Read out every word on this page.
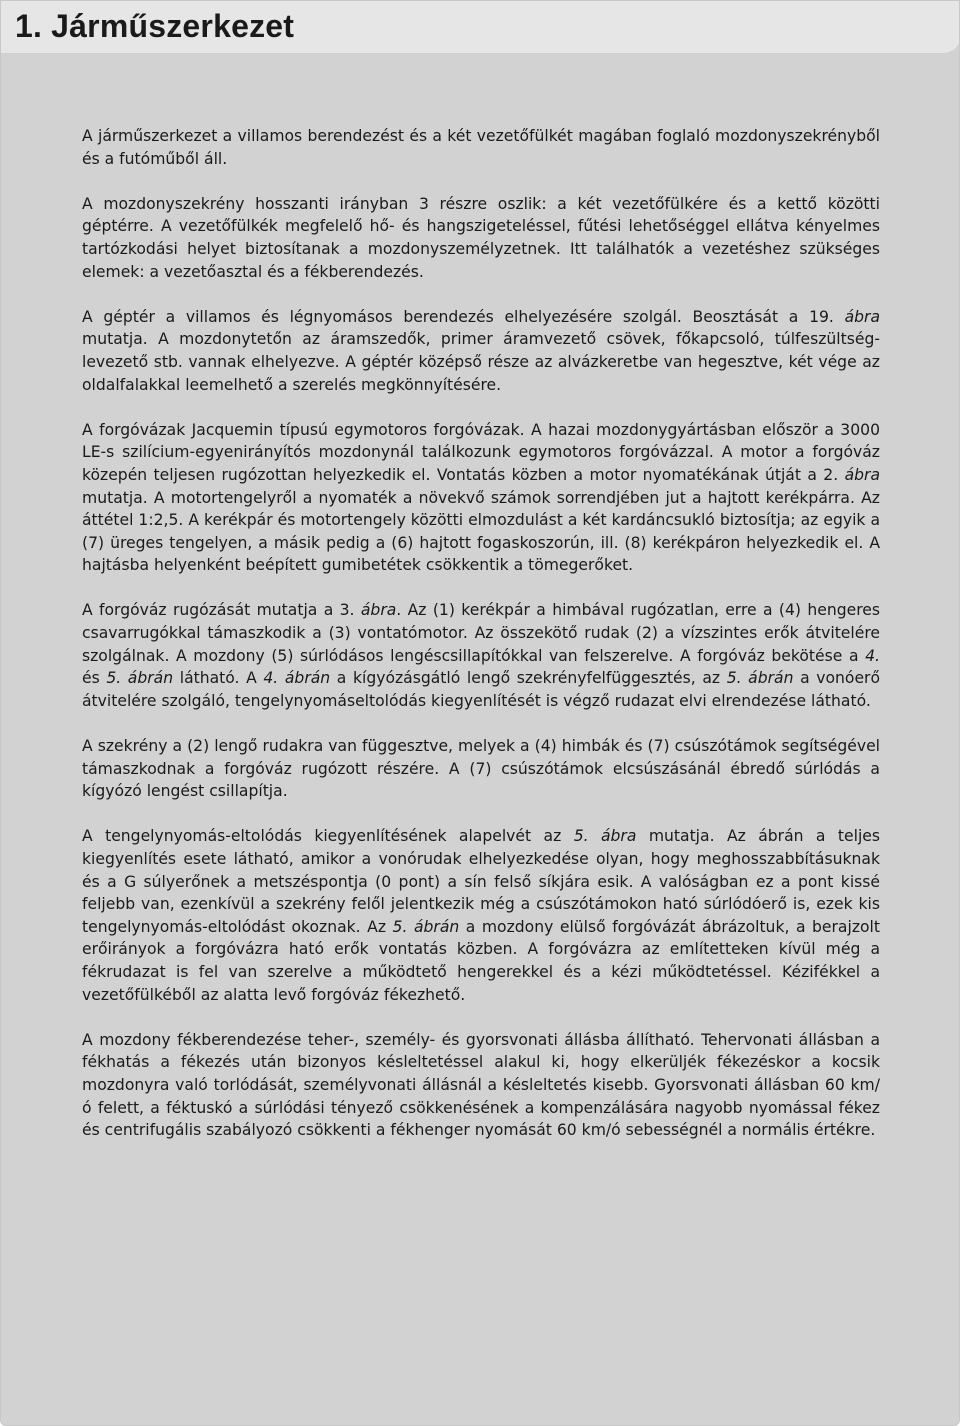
1. Járműszerkezet

A járműszerkezet a villamos berendezést és a két vezetőfülkét magában foglaló mozdonyszekrényből és a futóműből áll.

A mozdonyszekrény hosszanti irányban 3 részre oszlik: a két vezetőfülkére és a kettő közötti géptérre. A vezetőfülkék megfelelő hő- és hangszigeteléssel, fűtési lehetőséggel ellátva kényelmes tartózkodási helyet biztosítanak a mozdonyszemélyzetnek. Itt találhatók a vezetéshez szükséges elemek: a vezetőasztal és a fékberendezés.

A géptér a villamos és légnyomásos berendezés elhelyezésére szolgál. Beosztását a 19. ábra mutatja. A mozdonytetőn az áramszedők, primer áramvezető csövek, főkapcsoló, túlfeszültség-levezető stb. vannak elhelyezve. A géptér középső része az alvázkeretbe van hegesztve, két vége az oldalfalakkal leemelhető a szerelés megkönnyítésére.

A forgóvázak Jacquemin típusú egymotoros forgóvázak. A hazai mozdonygyártásban először a 3000 LE-s szilícium-egyenirányítós mozdonynál találkozunk egymotoros forgóvázzal. A motor a forgóváz közepén teljesen rugózottan helyezkedik el. Vontatás közben a motor nyomatékának útját a 2. ábra mutatja. A motortengelyről a nyomaték a növekvő számok sorrendjében jut a hajtott kerékpárra. Az áttétel 1:2,5. A kerékpár és motortengely közötti elmozdulást a két kardáncsukló biztosítja; az egyik a (7) üreges tengelyen, a másik pedig a (6) hajtott fogaskoszorún, ill. (8) kerékpáron helyezkedik el. A hajtásba helyenként beépített gumibetétek csökkentik a tömegerőket.

A forgóváz rugózását mutatja a 3. ábra. Az (1) kerékpár a himbával rugózatlan, erre a (4) hengeres csavarrugókkal támaszkodik a (3) vontatómotor. Az összekötő rudak (2) a vízszintes erők átvitelére szolgálnak. A mozdony (5) súrlódásos lengéscsillapítókkal van felszerelve. A forgóváz bekötése a 4. és 5. ábrán látható. A 4. ábrán a kígyózásgátló lengő szekrényfelfüggesztés, az 5. ábrán a vonóerő átvitelére szolgáló, tengelynyomáseltolódás kiegyenlítését is végző rudazat elvi elrendezése látható.

A szekrény a (2) lengő rudakra van függesztve, melyek a (4) himbák és (7) csúszótámok segítségével támaszkodnak a forgóváz rugózott részére. A (7) csúszótámok elcsúszásánál ébredő súrlódás a kígyózó lengést csillapítja.

A tengelynyomás-eltolódás kiegyenlítésének alapelvét az 5. ábra mutatja. Az ábrán a teljes kiegyenlítés esete látható, amikor a vonórudak elhelyezkedése olyan, hogy meghosszabbításuknak és a G súlyerőnek a metszéspontja (0 pont) a sín felső síkjára esik. A valóságban ez a pont kissé feljebb van, ezenkívül a szekrény felől jelentkezik még a csúszótámokon ható súrlódóerő is, ezek kis tengelynyomás-eltolódást okoznak. Az 5. ábrán a mozdony elülső forgóvázát ábrázoltuk, a berajzolt erőirányok a forgóvázra ható erők vontatás közben. A forgóvázra az említetteken kívül még a fékrudazat is fel van szerelve a működtető hengerekkel és a kézi működtetéssel. Kézifékkel a vezetőfülkéből az alatta levő forgóváz fékezhető.

A mozdony fékberendezése teher-, személy- és gyorsvonati állásba állítható. Tehervonati állásban a fékhatás a fékezés után bizonyos késleltetéssel alakul ki, hogy elkerüljék fékezéskor a kocsik mozdonyra való torlódását, személyvonati állásnál a késleltetés kisebb. Gyorsvonati állásban 60 km/ó felett, a féktuskó a súrlódási tényező csökkenésének a kompenzálására nagyobb nyomással fékez és centrifugális szabályozó csökkenti a fékhenger nyomását 60 km/ó sebességnél a normális értékre.
